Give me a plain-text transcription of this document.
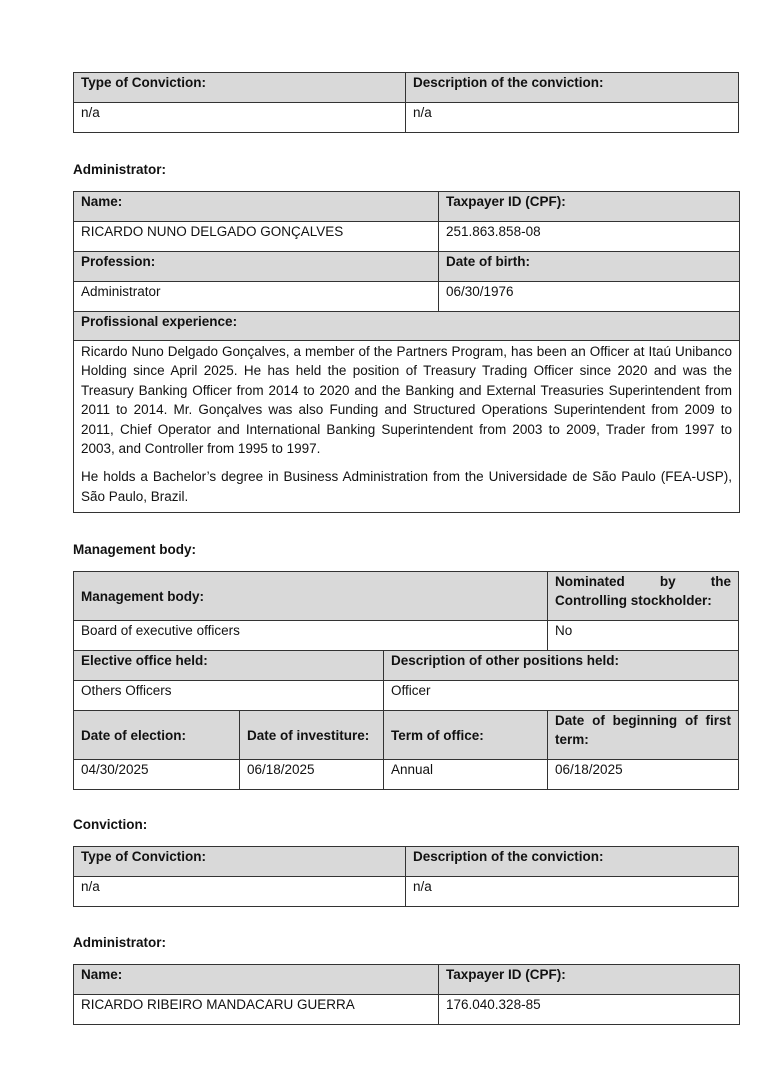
Type of Conviction:	Description of the conviction:
n/a	n/a
Administrator:
Name:	Taxpayer ID (CPF):
RICARDO NUNO DELGADO GONÇALVES	251.863.858-08
Profession:	Date of birth:
Administrator	06/30/1976
Profissional experience:	

Ricardo Nuno Delgado Gonçalves, a member of the Partners Program, has been an Officer at Itaú Unibanco Holding since April 2025. He has held the position of Treasury Trading Officer since 2020 and was the Treasury Banking Officer from 2014 to 2020 and the Banking and External Treasuries Superintendent from 2011 to 2014. Mr. Gonçalves was also Funding and Structured Operations Superintendent from 2009 to 2011, Chief Operator and International Banking Superintendent from 2003 to 2009, Trader from 1997 to 2003, and Controller from 1995 to 1997.

He holds a Bachelor’s degree in Business Administration from the Universidade de São Paulo (FEA-USP), São Paulo, Brazil.	

Management body:
Management body:			Nominated by the Controlling stockholder:
Board of executive officers			No
Elective office held:		Description of other positions held:	
Others Officers		Officer	
Date of election:	Date of investiture:	Term of office:	Date of beginning of first term:
04/30/2025	06/18/2025	Annual	06/18/2025
Conviction:
Type of Conviction:	Description of the conviction:
n/a	n/a
Administrator:
Name:	Taxpayer ID (CPF):
RICARDO RIBEIRO MANDACARU GUERRA	176.040.328-85
